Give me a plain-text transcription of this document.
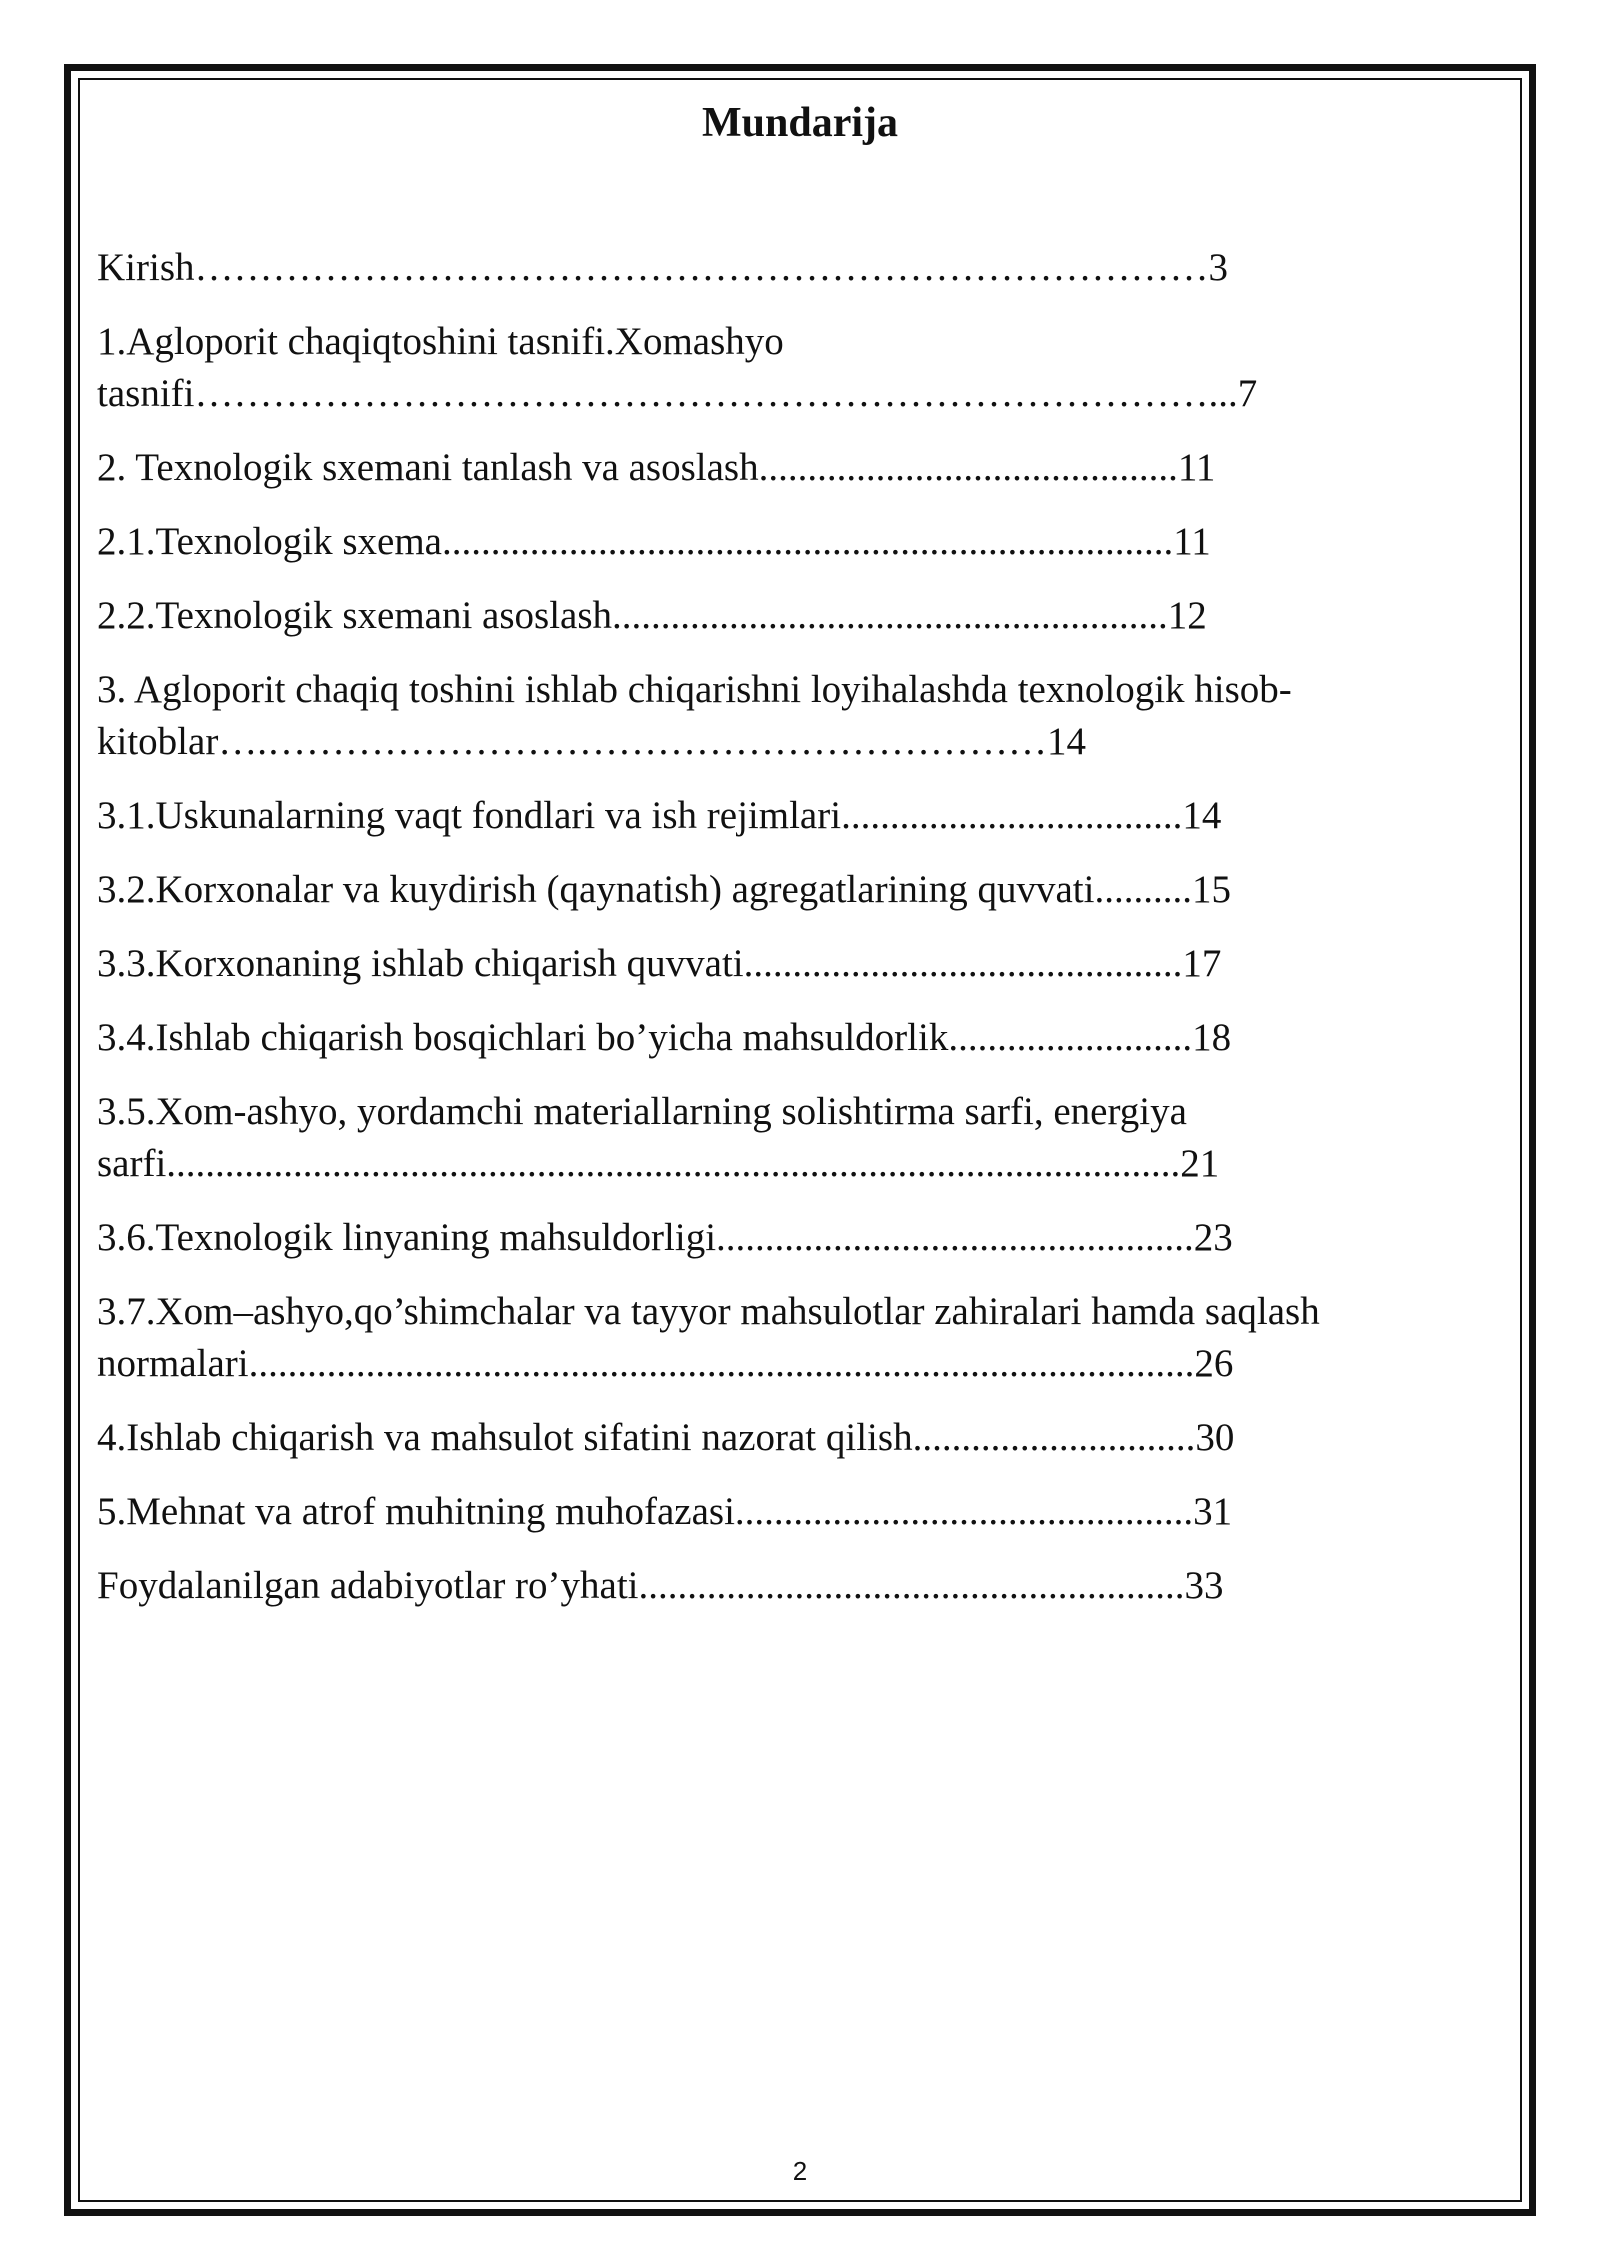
Mundarija
Kirish……………………………………………………………………3
1.Agloporit chaqiqtoshini tasnifi.Xomashyo
tasnifi……………………………………………………………………...7
2. Texnologik sxemani tanlash va asoslash...........................................11
2.1.Texnologik sxema...........................................................................11
2.2.Texnologik sxemani asoslash.........................................................12
3. Agloporit chaqiq toshini ishlab chiqarishni loyihalashda texnologik hisob-
kitoblar….……………………………………………………14
3.1.Uskunalarning vaqt fondlari va ish rejimlari...................................14
3.2.Korxonalar va kuydirish (qaynatish) agregatlarining quvvati..........15
3.3.Korxonaning ishlab chiqarish quvvati.............................................17
3.4.Ishlab chiqarish bosqichlari bo’yicha mahsuldorlik.........................18
3.5.Xom-ashyo, yordamchi materiallarning solishtirma sarfi, energiya
sarfi........................................................................................................21
3.6.Texnologik linyaning mahsuldorligi.................................................23
3.7.Xom–ashyo,qo’shimchalar va tayyor mahsulotlar zahiralari hamda saqlash
normalari.................................................................................................26
4.Ishlab chiqarish va mahsulot sifatini nazorat qilish.............................30
5.Mehnat va atrof muhitning muhofazasi...............................................31
Foydalanilgan adabiyotlar ro’yhati........................................................33
2
